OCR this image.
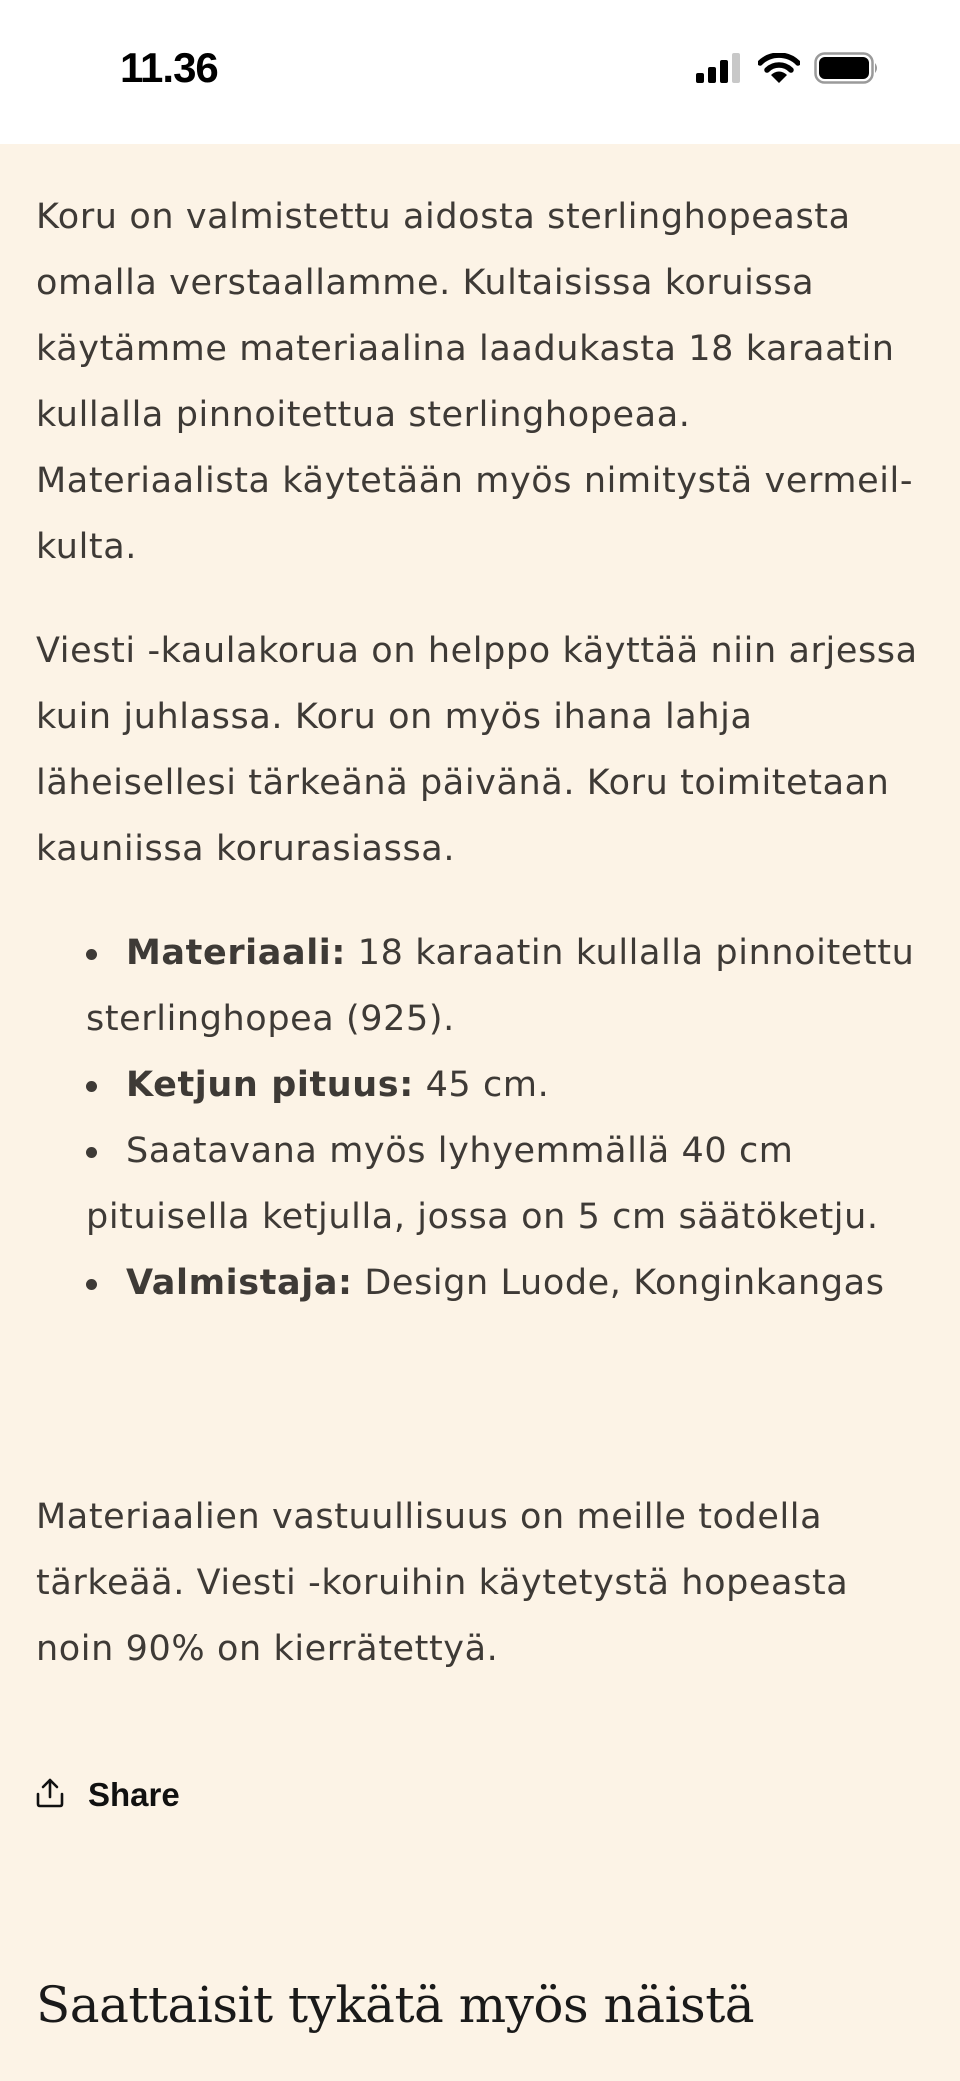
11.36
Koru on valmistettu aidosta sterlinghopeasta omalla verstaallamme. Kultaisissa koruissa käytämme materiaalina laadukasta 18 karaatin kullalla pinnoitettua sterlinghopeaa. Materiaalista käytetään myös nimitystä vermeil-kulta.
Viesti -kaulakorua on helppo käyttää niin arjessa kuin juhlassa. Koru on myös ihana lahja läheisellesi tärkeänä päivänä. Koru toimitetaan kauniissa korurasiassa.
Materiaali: 18 karaatin kullalla pinnoitettu sterlinghopea (925).
Ketjun pituus: 45 cm.
Saatavana myös lyhyemmällä 40 cm pituisella ketjulla, jossa on 5 cm säätöketju.
Valmistaja: Design Luode, Konginkangas
Materiaalien vastuullisuus on meille todella tärkeää. Viesti -koruihin käytetystä hopeasta noin 90% on kierrätettyä.
Share
Saattaisit tykätä myös näistä
